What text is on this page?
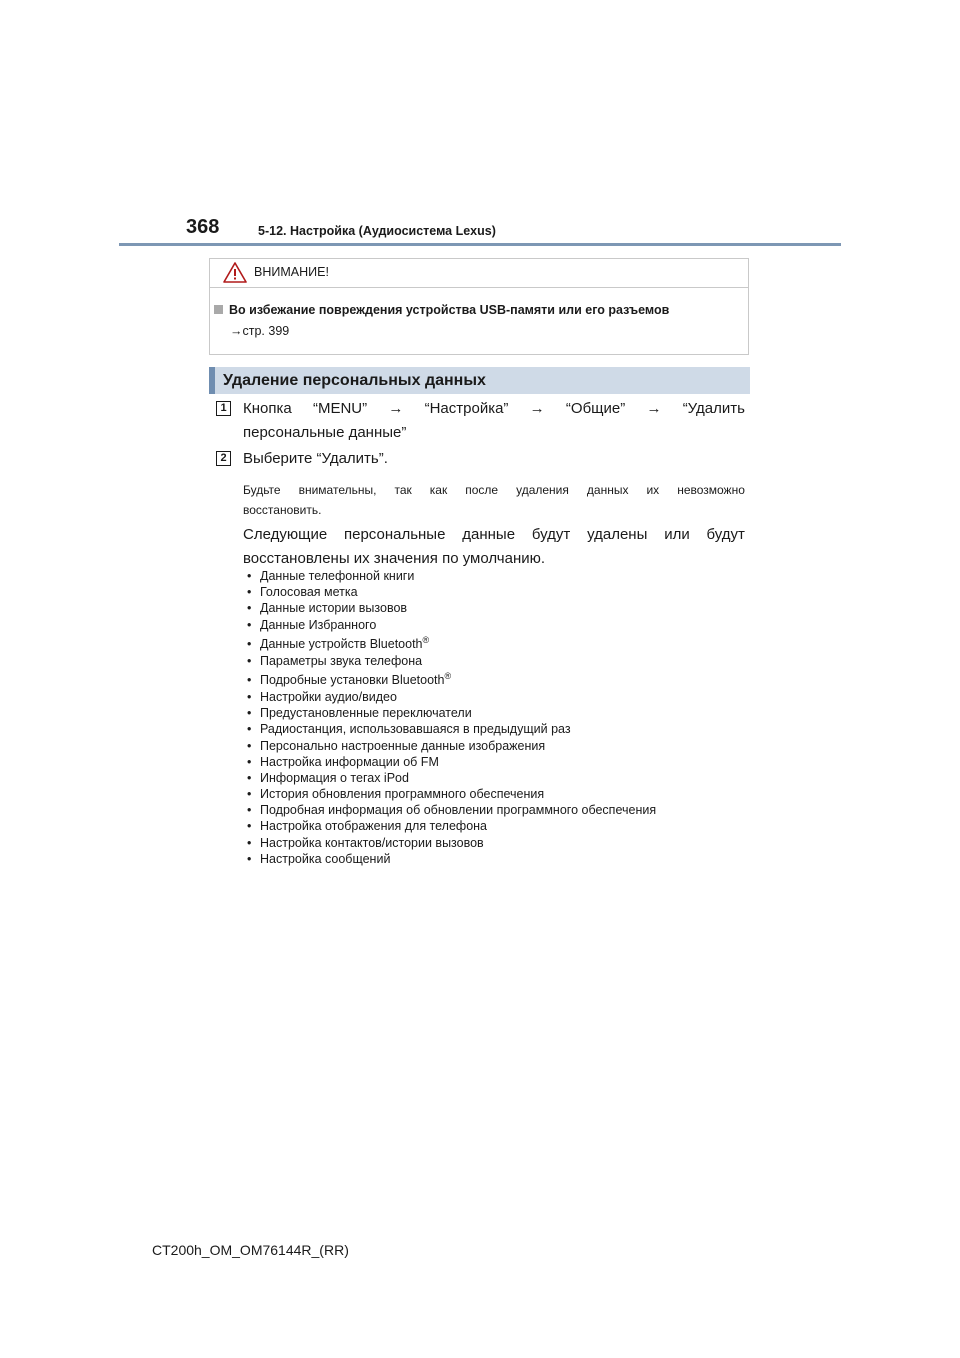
368	5-12. Настройка (Аудиосистема Lexus)
ВНИМАНИЕ!
Во избежание повреждения устройства USB-памяти или его разъемов
→стр. 399
Удаление персональных данных
1 Кнопка “MENU” → “Настройка” → “Общие” → “Удалить
персональные данные”
2 Выберите “Удалить”.
Будьте внимательны, так как после удаления данных их невозможно
восстановить.
Следующие персональные данные будут удалены или будут
восстановлены их значения по умолчанию.
• Данные телефонной книги
• Голосовая метка
• Данные истории вызовов
• Данные Избранного
• Данные устройств Bluetooth®
• Параметры звука телефона
• Подробные установки Bluetooth®
• Настройки аудио/видео
• Предустановленные переключатели
• Радиостанция, использовавшаяся в предыдущий раз
• Персонально настроенные данные изображения
• Настройка информации об FM
• Информация о тегах iPod
• История обновления программного обеспечения
• Подробная информация об обновлении программного обеспечения
• Настройка отображения для телефона
• Настройка контактов/истории вызовов
• Настройка сообщений
CT200h_OM_OM76144R_(RR)
